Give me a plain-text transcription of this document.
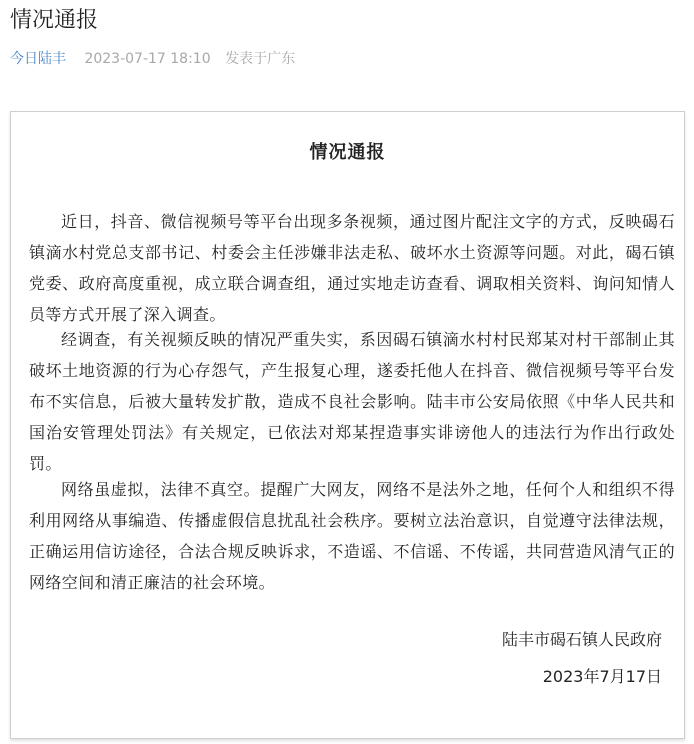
情况通报
今日陆丰 2023-07-17 18:10 发表于广东
情况通报

近日，抖音、微信视频号等平台出现多条视频，通过图片配注文字的方式，反映碣石镇滴水村党总支部书记、村委会主任涉嫌非法走私、破坏水土资源等问题。对此，碣石镇党委、政府高度重视，成立联合调查组，通过实地走访查看、调取相关资料、询问知情人员等方式开展了深入调查。

经调查，有关视频反映的情况严重失实，系因碣石镇滴水村村民郑某对村干部制止其破坏土地资源的行为心存怨气，产生报复心理，遂委托他人在抖音、微信视频号等平台发布不实信息，后被大量转发扩散，造成不良社会影响。陆丰市公安局依照《中华人民共和国治安管理处罚法》有关规定，已依法对郑某捏造事实诽谤他人的违法行为作出行政处罚。

网络虽虚拟，法律不真空。提醒广大网友，网络不是法外之地，任何个人和组织不得利用网络从事编造、传播虚假信息扰乱社会秩序。要树立法治意识，自觉遵守法律法规，正确运用信访途径，合法合规反映诉求，不造谣、不信谣、不传谣，共同营造风清气正的网络空间和清正廉洁的社会环境。

陆丰市碣石镇人民政府
2023年7月17日
